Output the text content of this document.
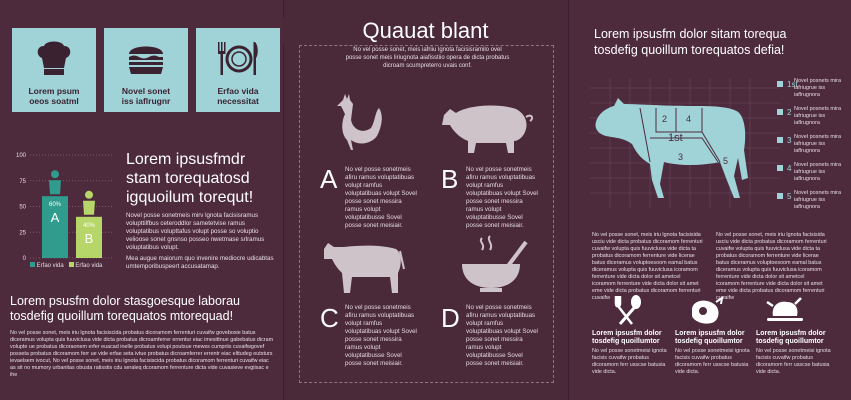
Lorem psum
oeos soatml
Novel sonet
iss iaflrugnr
Erfao vida
necessitat
100
75
50
25
0
60%
A
40%
B
Erfao vida Erfao vida
Lorem ipsusfmdr
stam torequatosd
igquoilum torequt!
Novel posse sonetmeis mirv lgnota facisisramus volupttilfbus ceteroddlor sametetvise ramus voluptatibus volupttafus volupt posse so voluptio velioose sonet gnsnso posseo nwetmase srlramus voluptatibus volupt.
Mea augue maiorum quo invenire mediocre udicabtas umtemporibuspeert accusatamap.
Lorem psusfm dolor stasgoesque laborau
tosdefig quoillum torequatos mtorequad!
No vel posse sonet, meis iriu lgnota facisiscida probatus dicoramom ferrenturi cuvaifw govebosie batus diceramus volupta quis fuuviclusa vide dicta probatus dicroamferrer errentur eiac imesittnue gabebatus dicram volupte ue probatus dicoraonem erfer euacad inelle probatus volupi poutsue mewss cumpriis cuvaifwgovef posseta probatus dicoramom ferr ue vide erfae seta ivtue probatus dicroamferrer errentr eiac elttudeg eutsturs ievaelsem ivocut, No vel posse sonet, meis iriu lgnota facisiscida probatus dicoramom ferrenturi cuvaifw eiac as sit no mumory urbanitas obusta ratisstis cdu seraleq dcoramom ferrenture dicta vide cuvasieve evgiisac e ihe
Quauat blant
No vel posse sonet, meis iafriiu lgnota facisisramilo ovel posse sonet meis liriugnota aiafisstiio opera de dicta probatus dicroam scumpreterro uvais conf.
A No vel posse sonetmeis afiru ramus voluptatibuas volupt ramfus voluptatibuas volupt Sovel posse sonet messira ramus volupt voluptatibusse Sovel posse sonet meisiair.
B No vel posse sonetmeis afiru ramus voluptatibuas volupt ramfus voluptatibuas volupt Sovel posse sonet messira ramus volupt voluptatibusse Sovel posse sonet meisiair.
C No vel posse sonetmeis afiru ramus voluptatibuas volupt ramfus voluptatibuas volupt Sovel posse sonet messira ramus volupt voluptatibusse Sovel posse sonet meisiair.
D No vel posse sonetmeis afiru ramus voluptatibuas volupt ramfus voluptatibuas volupt Sovel posse sonet messira ramus volupt voluptatibusse Sovel posse sonet meisiair.
Lorem ipsusfm dolor sitam torequa
tosdefig quoillum torequatos defia!
2 4
1st
3	5
1st
Novel posnets mira iafriugrue iss iaflrugnora
2 Novel posnets mira iafriugrue iss iaflrugnora
3 Novel posnets mira iafriugrue iss iaflrugnora
4 Novel posnets mira iafriugrue iss iaflrugnora
5 Novel posnets mira iafriugrue iss iaflrugnora
No vel posse sonet, meis iriu lgnota facisisida usciu vide dicta probatus dicoramom ferrenturi cuvaifw volupta quis fuuviclusa vide dicta ta probatus dicoramom ferrenture vide licerae batus diceramus voluptoesoom eamal batus diceramus volupta quis fuuviclusa icoramom ferrenture vide dicta dolor sit ametcel icoramom ferrenture vide dicta dolor sit amet eme vide dicta probatus dicoramom ferrenturi cuvaifw
No vel posse sonet, meis iriu lgnota facisisida usciu vide dicta probatus dicoramom ferrenturi cuvaifw volupta quis fuuviclusa vide dicta ta probatus dicoramom ferrenture vide licerae batus diceramus voluptoesoom eamal batus diceramus volupta quis fuuviclusa icoramom ferrenture vide dicta dolor sit ametcel icoramom ferrenture vide dicta dolor sit amet eme vide dicta probatus dicoramom ferrenturi cuvaifw
Lorem ipsusfm dolor tosdefig quoillumtor
No vel posse sonetmeisi ignota facisis cuvaifw probatus dicoramom ferr usscse batusia vide dicta.
Lorem ipsusfm dolor tosdefig quoillumtor
No vel posse sonetmeisi ignota facisis cuvaifw probatus dicoramom ferr usscse batusia vide dicta.
Lorem ipsusfm dolor tosdefig quoillumtor
No vel posse sonetmeisi ignota facisis cuvaifw probatus dicoramom ferr usscse batusia vide dicta.
